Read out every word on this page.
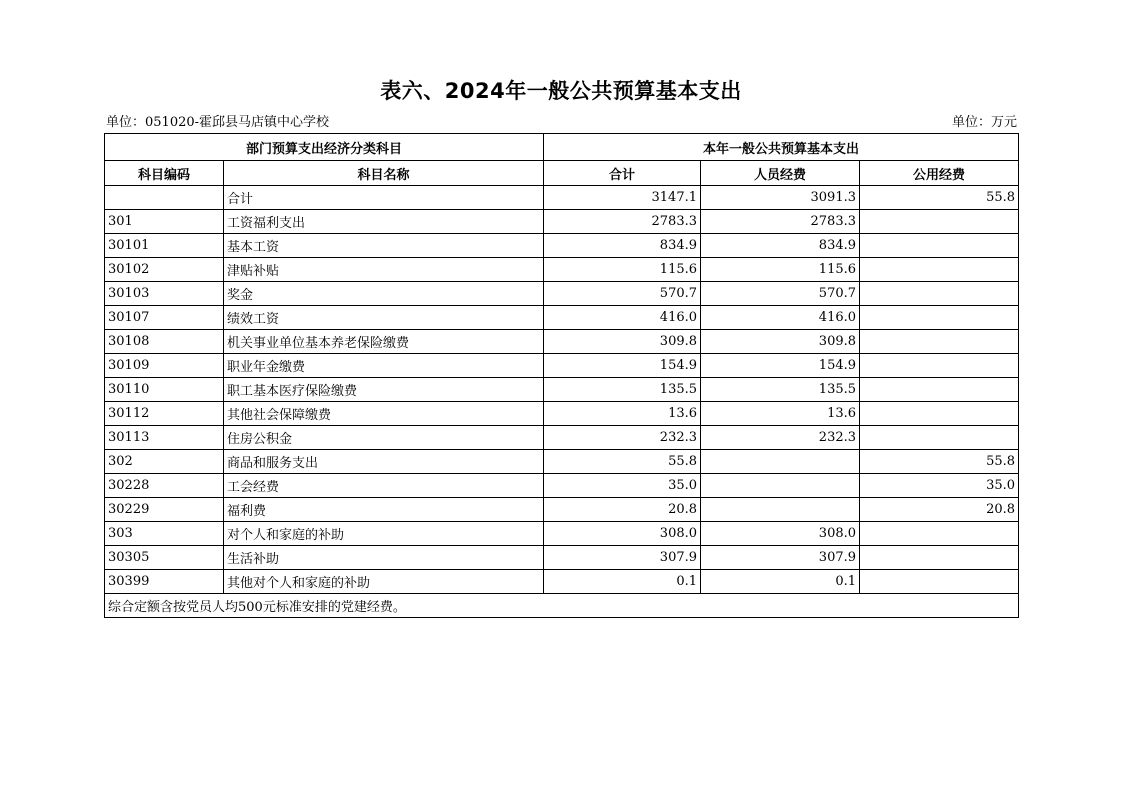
表六、2024年一般公共预算基本支出
单位：051020-霍邱县马店镇中心学校	单位：万元
部门预算支出经济分类科目		本年一般公共预算基本支出		
科目编码	科目名称	合计	人员经费	公用经费
	合计	3147.1	3091.3	55.8
301	工资福利支出	2783.3	2783.3	
30101	基本工资	834.9	834.9	
30102	津贴补贴	115.6	115.6	
30103	奖金	570.7	570.7	
30107	绩效工资	416.0	416.0	
30108	机关事业单位基本养老保险缴费	309.8	309.8	
30109	职业年金缴费	154.9	154.9	
30110	职工基本医疗保险缴费	135.5	135.5	
30112	其他社会保障缴费	13.6	13.6	
30113	住房公积金	232.3	232.3	
302	商品和服务支出	55.8		55.8
30228	工会经费	35.0		35.0
30229	福利费	20.8		20.8
303	对个人和家庭的补助	308.0	308.0	
30305	生活补助	307.9	307.9	
30399	其他对个人和家庭的补助	0.1	0.1	
综合定额含按党员人均500元标准安排的党建经费。				
